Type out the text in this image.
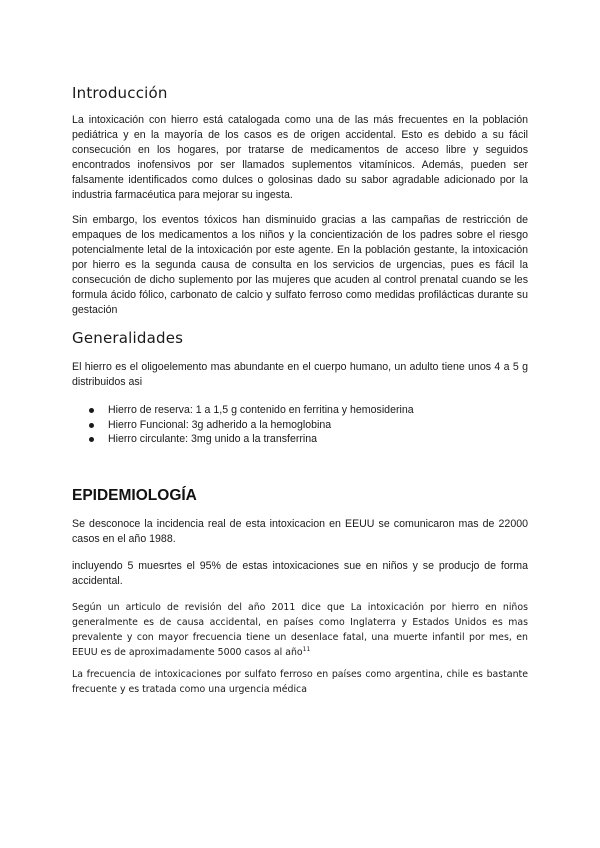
Introducción

La intoxicación con hierro está catalogada como una de las más frecuentes en la población pediátrica y en la mayoría de los casos es de origen accidental. Esto es debido a su fácil consecución en los hogares, por tratarse de medicamentos de acceso libre y seguidos encontrados inofensivos por ser llamados suplementos vitamínicos. Además, pueden ser falsamente identificados como dulces o golosinas dado su sabor agradable adicionado por la industria farmacéutica para mejorar su ingesta.

Sin embargo, los eventos tóxicos han disminuido gracias a las campañas de restricción de empaques de los medicamentos a los niños y la concientización de los padres sobre el riesgo potencialmente letal de la intoxicación por este agente. En la población gestante, la intoxicación por hierro es la segunda causa de consulta en los servicios de urgencias, pues es fácil la consecución de dicho suplemento por las mujeres que acuden al control prenatal cuando se les formula ácido fólico, carbonato de calcio y sulfato ferroso como medidas profilácticas durante su gestación

Generalidades

El hierro es el oligoelemento mas abundante en el cuerpo humano, un adulto tiene unos 4 a 5 g distribuidos asi

Hierro de reserva: 1 a 1,5 g contenido en ferritina y hemosiderina
Hierro Funcional: 3g adherido a la hemoglobina
Hierro circulante: 3mg unido a la transferrina
EPIDEMIOLOGÍA

Se desconoce la incidencia real de esta intoxicacion en EEUU se comunicaron mas de 22000 casos en el año 1988.

incluyendo 5 muesrtes el 95% de estas intoxicaciones sue en niños y se producjo de forma accidental.

Según un articulo de revisión del año 2011 dice que La intoxicación por hierro en niños generalmente es de causa accidental, en países como Inglaterra y Estados Unidos es mas prevalente y con mayor frecuencia tiene un desenlace fatal, una muerte infantil por mes, en EEUU es de aproximadamente 5000 casos al año$^{11}$

La frecuencia de intoxicaciones por sulfato ferroso en países como argentina, chile es bastante frecuente y es tratada como una urgencia médica
